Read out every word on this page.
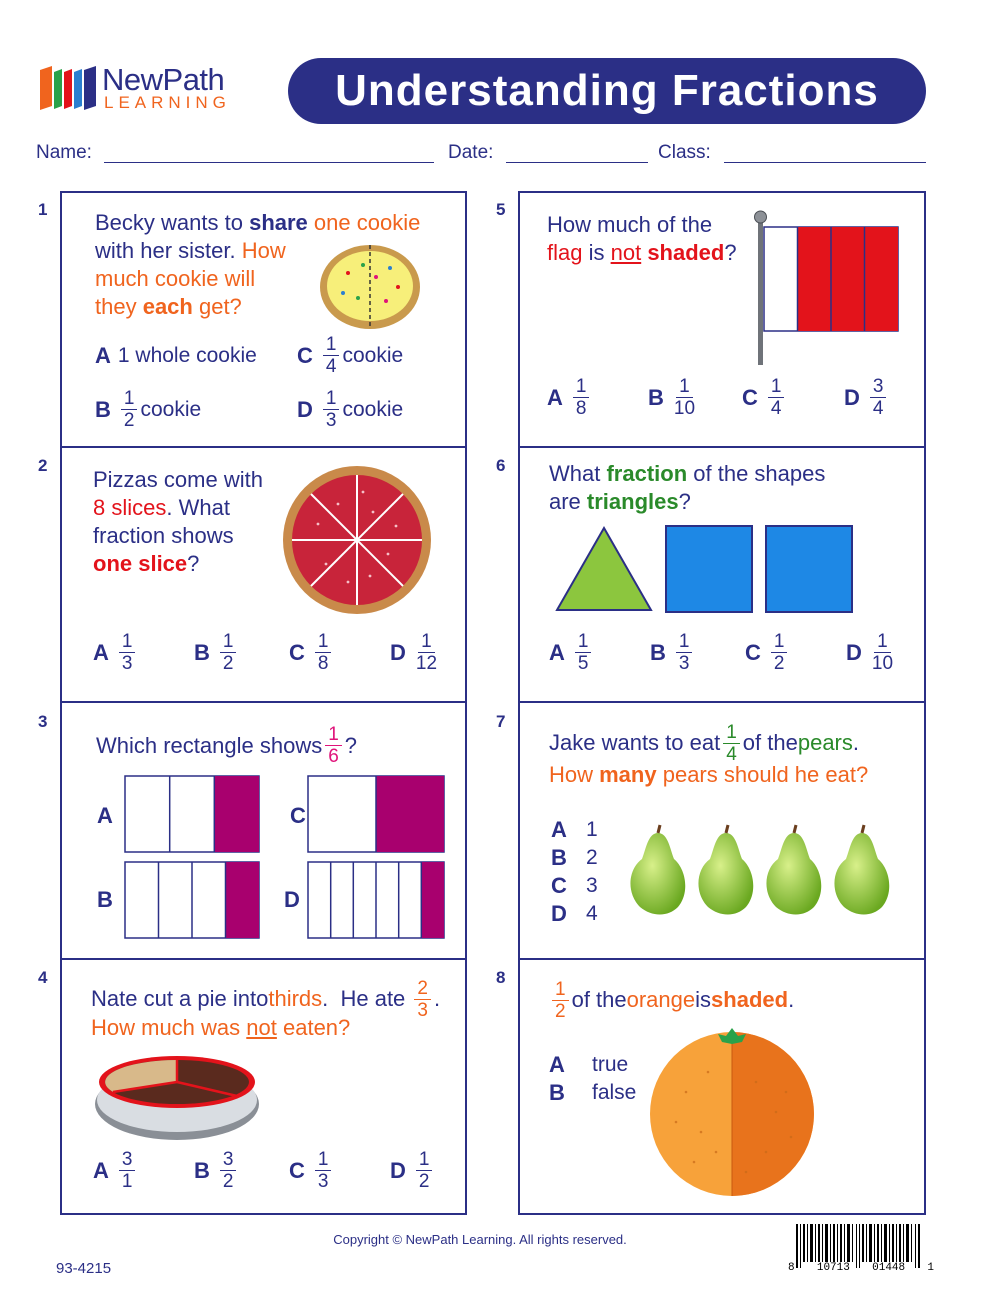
NewPath
LEARNING	Understanding Fractions
Name:	Date:	Class:
1
Becky wants to share one cookie
with her sister. How
much cookie will
they each get?
A 1 whole cookie C $\frac{1}{4}$ cookie
B $\frac{1}{2}$ cookie	D $\frac{1}{3}$ cookie
2
Pizzas come with
8 slices. What
fraction shows
one slice?
A $\frac{1}{3}$	B $\frac{1}{2}$ C $\frac{1}{8}$	D $\frac{1}{12}$
3
Which rectangle shows $\frac{1}{6}$ ?
A	C
B	D
4
Nate cut a pie into thirds .  He ate $\frac{2}{3}$ .
How much was not eaten?
A $\frac{3}{1}$	B $\frac{3}{2}$ C $\frac{1}{3}$	D $\frac{1}{2}$
5
How much of the
flag is not shaded?
A $\frac{1}{8}$	B $\frac{1}{10}$ C $\frac{1}{4}$	D $\frac{3}{4}$
6 What fraction of the shapes
are triangles?
A $\frac{1}{5}$	B $\frac{1}{3}$ C $\frac{1}{2}$	D $\frac{1}{10}$
7
Jake wants to eat $\frac{1}{4}$ of the pears .
How many pears should he eat?
A 1
B 2
C 3
D 4
8
$\frac{1}{2}$ of the orange is shaded .
A	true
B	false
Copyright © NewPath Learning. All rights reserved.
93-4215	8 10713 01448 1
